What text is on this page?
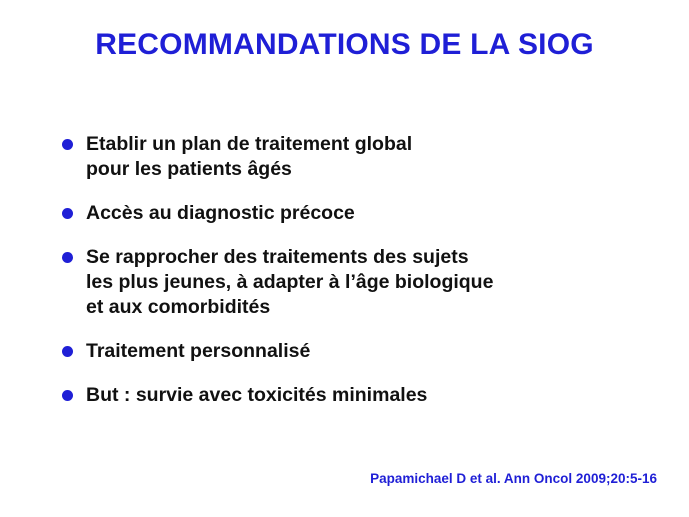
RECOMMANDATIONS DE LA SIOG
Etablir un plan de traitement global
pour les patients âgés
Accès au diagnostic précoce
Se rapprocher des traitements des sujets
les plus jeunes, à adapter à l’âge biologique
et aux comorbidités
Traitement personnalisé
But : survie avec toxicités minimales
Papamichael D et al. Ann Oncol 2009;20:5-16
